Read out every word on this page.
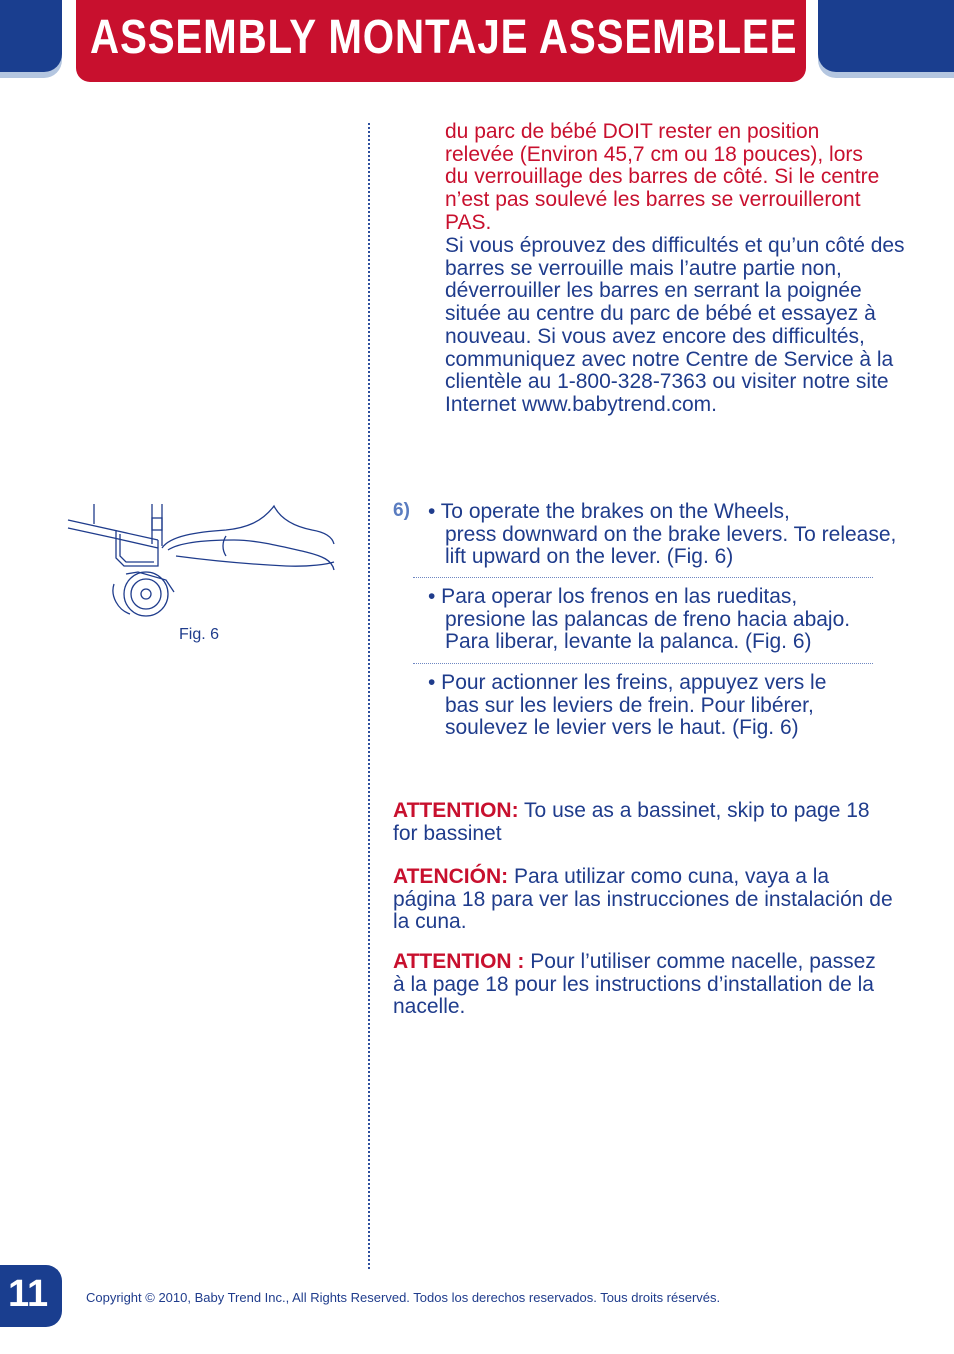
ASSEMBLY MONTAJE ASSEMBLEE
Fig. 6
du parc de bébé DOIT rester en position relevée (Environ 45,7 cm ou 18 pouces), lors du verrouillage des barres de côté. Si le centre n’est pas soulevé les barres se verrouilleront PAS.
Si vous éprouvez des difficultés et qu’un côté des barres se verrouille mais l’autre partie non, déverrouiller les barres en serrant la poignée située au centre du parc de bébé et essayez à nouveau. Si vous avez encore des difficultés, communiquez avec notre Centre de Service à la clientèle au 1-800-328-7363 ou visiter notre site Internet www.babytrend.com.
6) • To operate the brakes on the Wheels,
press downward on the brake levers. To release, lift upward on the lever. (Fig. 6)
• Para operar los frenos en las rueditas,
presione las palancas de freno hacia abajo. Para liberar, levante la palanca. (Fig. 6)
• Pour actionner les freins, appuyez vers le
bas sur les leviers de frein. Pour libérer, soulevez le levier vers le haut. (Fig. 6)
ATTENTION: To use as a bassinet, skip to page 18 for bassinet
ATENCIÓN: Para utilizar como cuna, vaya a la página 18 para ver las instrucciones de instalación de la cuna.
ATTENTION : Pour l’utiliser comme nacelle, passez à la page 18 pour les instructions d’installation de la nacelle.
11	Copyright © 2010, Baby Trend Inc., All Rights Reserved. Todos los derechos reservados. Tous droits réservés.
